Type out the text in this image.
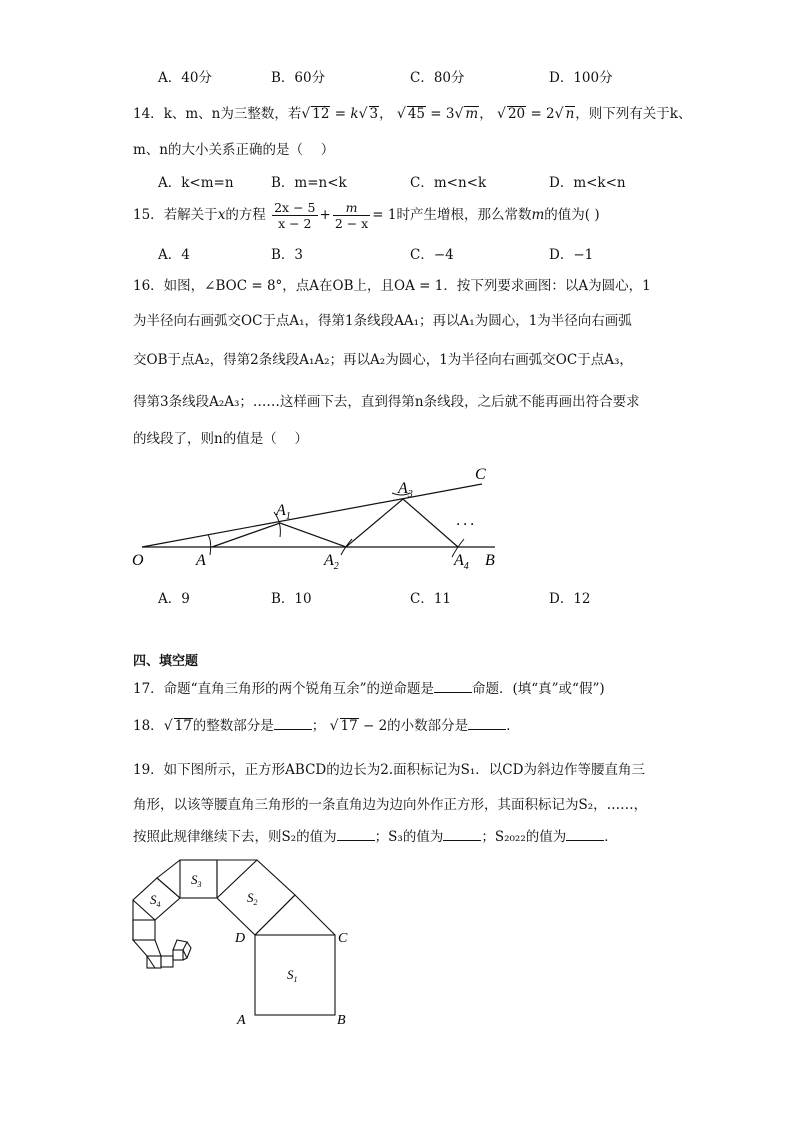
A．40分	B．60分	C．80分	D．100分
14．k、m、n为三整数，若√ 12 = k√ 3， √ 45 = 3√ m， √ 20 = 2√ n，则下列有关于k、
m、n的大小关系正确的是（　 ）
A．k<m=n	B．m=n<k	C．m<n<k	D．m<k<n
15．若解关于x的方程 $\frac{2x - 5}{x - 2} + \frac{m}{2 - x} = 1$时产生增根，那么常数m的值为( )
A．4	B．3	C．−4	D．−1
16．如图，∠BOC = 8°，点A在OB上，且OA = 1．按下列要求画图：以A为圆心，1
为半径向右画弧交OC于点A₁，得第1条线段AA₁；再以A₁为圆心，1为半径向右画弧
交OB于点A₂，得第2条线段A₁A₂；再以A₂为圆心，1为半径向右画弧交OC于点A₃，
得第3条线段A₂A₃；……这样画下去，直到得第n条线段，之后就不能再画出符合要求
的线段了，则n的值是（　 ）
O	A
$A_1$
$A_2$
$A_3$
$A_4$ B
C
．．．
A．9	B．10	C．11	D．12
四、填空题
17．命题“直角三角形的两个锐角互余”的逆命题是	命题．(填“真”或“假”)
18．√ 17的整数部分是	； √ 17 − 2的小数部分是	．
19．如下图所示，正方形ABCD的边长为2.面积标记为S₁．以CD为斜边作等腰直角三
角形，以该等腰直角三角形的一条直角边为边向外作正方形，其面积标记为S₂，……，
按照此规律继续下去，则S₂的值为	；S₃的值为	；S₂₀₂₂的值为	．
D	C
A	B
$S_1$
$S_2$
$S_3$
$S_4$
